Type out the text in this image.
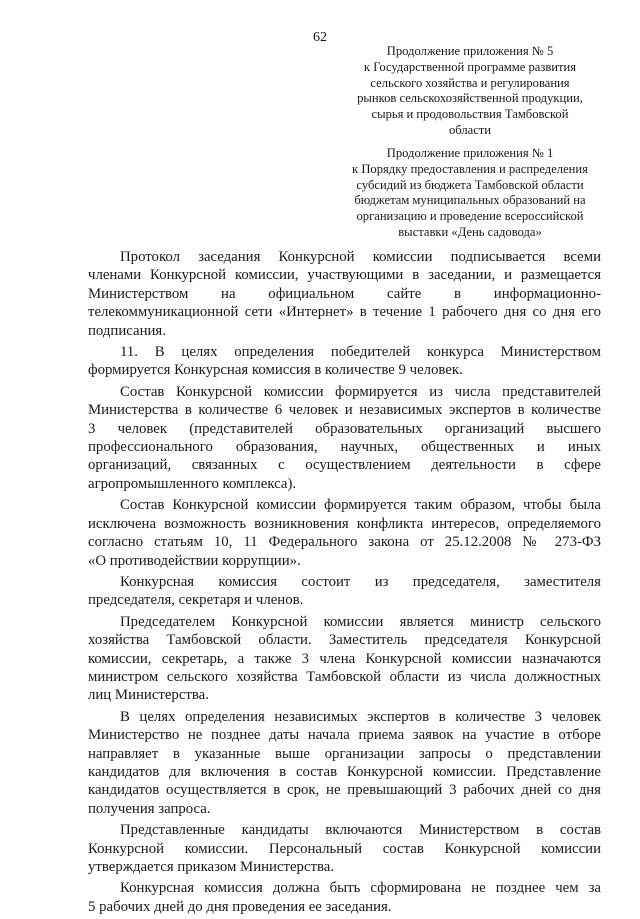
62
Продолжение приложения № 5
к Государственной программе развития
сельского хозяйства и регулирования
рынков сельскохозяйственной продукции,
сырья и продовольствия Тамбовской
области
Продолжение приложения № 1
к Порядку предоставления и распределения
субсидий из бюджета Тамбовской области
бюджетам муниципальных образований на
организацию и проведение всероссийской
выставки «День садовода»
Протокол заседания Конкурсной комиссии подписывается всеми
членами Конкурсной комиссии, участвующими в заседании, и размещается
Министерством на официальном сайте в информационно-
телекоммуникационной сети «Интернет» в течение 1 рабочего дня со дня его
подписания.
11. В целях определения победителей конкурса Министерством
формируется Конкурсная комиссия в количестве 9 человек.
Состав Конкурсной комиссии формируется из числа представителей
Министерства в количестве 6 человек и независимых экспертов в количестве
3 человек (представителей образовательных организаций высшего
профессионального образования, научных, общественных и иных
организаций, связанных с осуществлением деятельности в сфере
агропромышленного комплекса).
Состав Конкурсной комиссии формируется таким образом, чтобы была
исключена возможность возникновения конфликта интересов, определяемого
согласно статьям 10, 11 Федерального закона от 25.12.2008 № 273-ФЗ
«О противодействии коррупции».
Конкурсная комиссия состоит из председателя, заместителя
председателя, секретаря и членов.
Председателем Конкурсной комиссии является министр сельского
хозяйства Тамбовской области. Заместитель председателя Конкурсной
комиссии, секретарь, а также 3 члена Конкурсной комиссии назначаются
министром сельского хозяйства Тамбовской области из числа должностных
лиц Министерства.
В целях определения независимых экспертов в количестве 3 человек
Министерство не позднее даты начала приема заявок на участие в отборе
направляет в указанные выше организации запросы о представлении
кандидатов для включения в состав Конкурсной комиссии. Представление
кандидатов осуществляется в срок, не превышающий 3 рабочих дней со дня
получения запроса.
Представленные кандидаты включаются Министерством в состав
Конкурсной комиссии. Персональный состав Конкурсной комиссии
утверждается приказом Министерства.
Конкурсная комиссия должна быть сформирована не позднее чем за
5 рабочих дней до дня проведения ее заседания.
